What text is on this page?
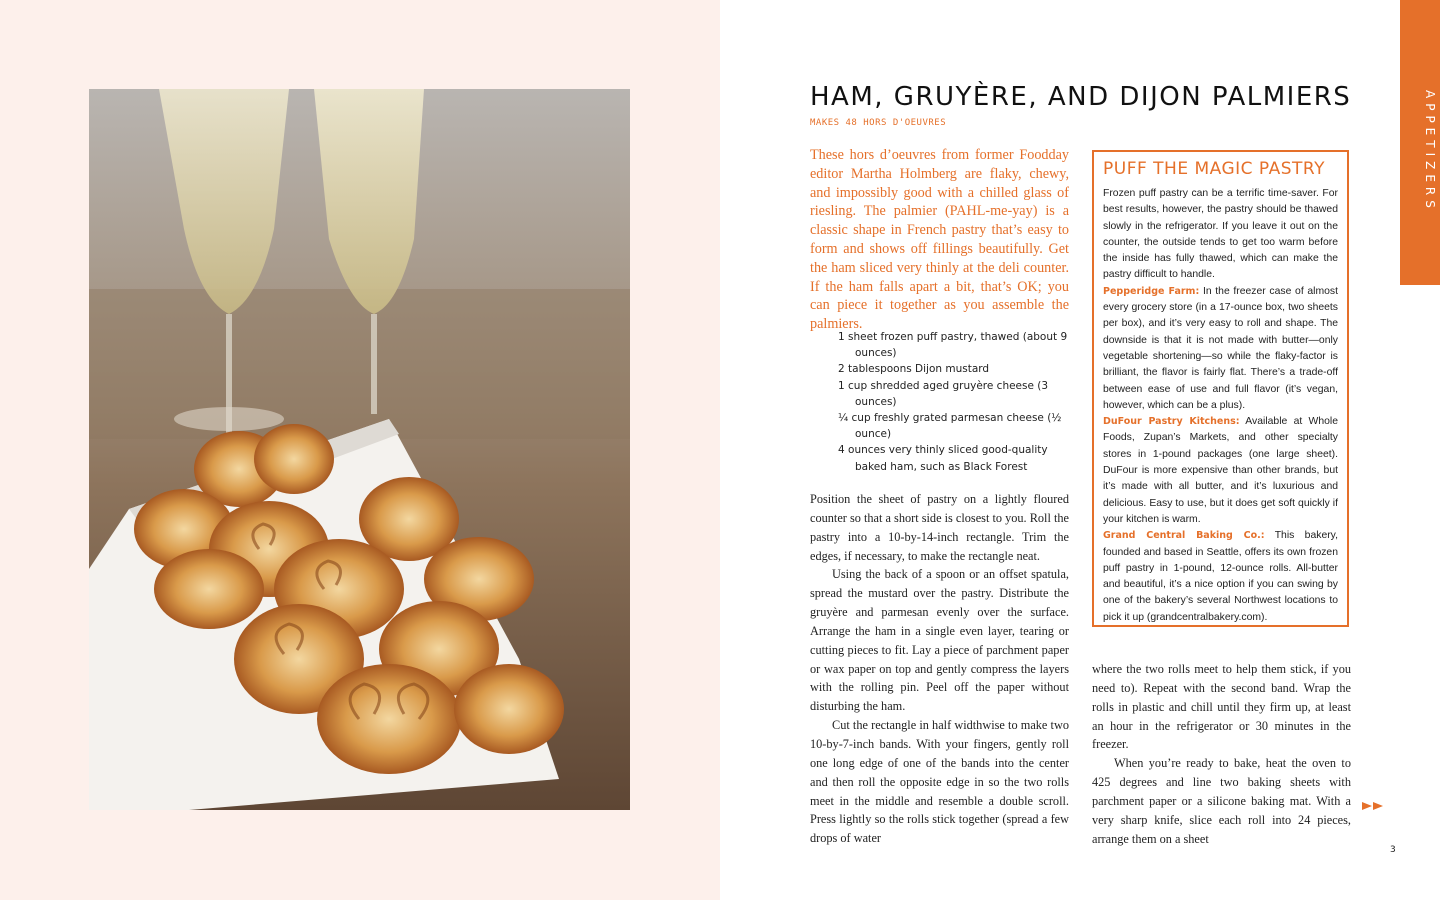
APPETIZERS
HAM, GRUYÈRE, AND DIJON PALMIERS
MAKES 48 HORS D'OEUVRES

These hors d’oeuvres from former Foodday editor Martha Holmberg are flaky, chewy, and impossibly good with a chilled glass of riesling. The palmier (PAHL-me-yay) is a classic shape in French pastry that’s easy to form and shows off fillings beautifully. Get the ham sliced very thinly at the deli counter. If the ham falls apart a bit, that’s OK; you can piece it together as you assemble the palmiers.

1 sheet frozen puff pastry, thawed (about 9 ounces)
2 tablespoons Dijon mustard
1 cup shredded aged gruyère cheese (3 ounces)
¼ cup freshly grated parmesan cheese (½ ounce)
4 ounces very thinly sliced good-quality baked ham, such as Black Forest

Position the sheet of pastry on a lightly floured counter so that a short side is closest to you. Roll the pastry into a 10-by-14-inch rectangle. Trim the edges, if necessary, to make the rectangle neat.

Using the back of a spoon or an offset spatula, spread the mustard over the pastry. Distribute the gruyère and parmesan evenly over the surface. Arrange the ham in a single even layer, tearing or cutting pieces to fit. Lay a piece of parchment paper or wax paper on top and gently compress the layers with the rolling pin. Peel off the paper without disturbing the ham.

Cut the rectangle in half widthwise to make two 10-by-7-inch bands. With your fingers, gently roll one long edge of one of the bands into the center and then roll the opposite edge in so the two rolls meet in the middle and resemble a double scroll. Press lightly so the rolls stick together (spread a few drops of water

where the two rolls meet to help them stick, if you need to). Repeat with the second band. Wrap the rolls in plastic and chill until they firm up, at least an hour in the refrigerator or 30 minutes in the freezer.

When you’re ready to bake, heat the oven to 425 degrees and line two baking sheets with parchment paper or a silicone baking mat. With a very sharp knife, slice each roll into 24 pieces, arrange them on a sheet

PUFF THE MAGIC PASTRY

Frozen puff pastry can be a terrific time-saver. For best results, however, the pastry should be thawed slowly in the refrigerator. If you leave it out on the counter, the outside tends to get too warm before the inside has fully thawed, which can make the pastry difficult to handle.

Pepperidge Farm: In the freezer case of almost every grocery store (in a 17-ounce box, two sheets per box), and it’s very easy to roll and shape. The downside is that it is not made with butter—only vegetable shortening—so while the flaky-factor is brilliant, the flavor is fairly flat. There’s a trade-off between ease of use and full flavor (it’s vegan, however, which can be a plus).

DuFour Pastry Kitchens: Available at Whole Foods, Zupan’s Markets, and other specialty stores in 1-pound packages (one large sheet). DuFour is more expensive than other brands, but it’s made with all butter, and it’s luxurious and delicious. Easy to use, but it does get soft quickly if your kitchen is warm.

Grand Central Baking Co.: This bakery, founded and based in Seattle, offers its own frozen puff pastry in 1-pound, 12-ounce rolls. All-butter and beautiful, it’s a nice option if you can swing by one of the bakery’s several Northwest locations to pick it up (grandcentralbakery.com).

3
